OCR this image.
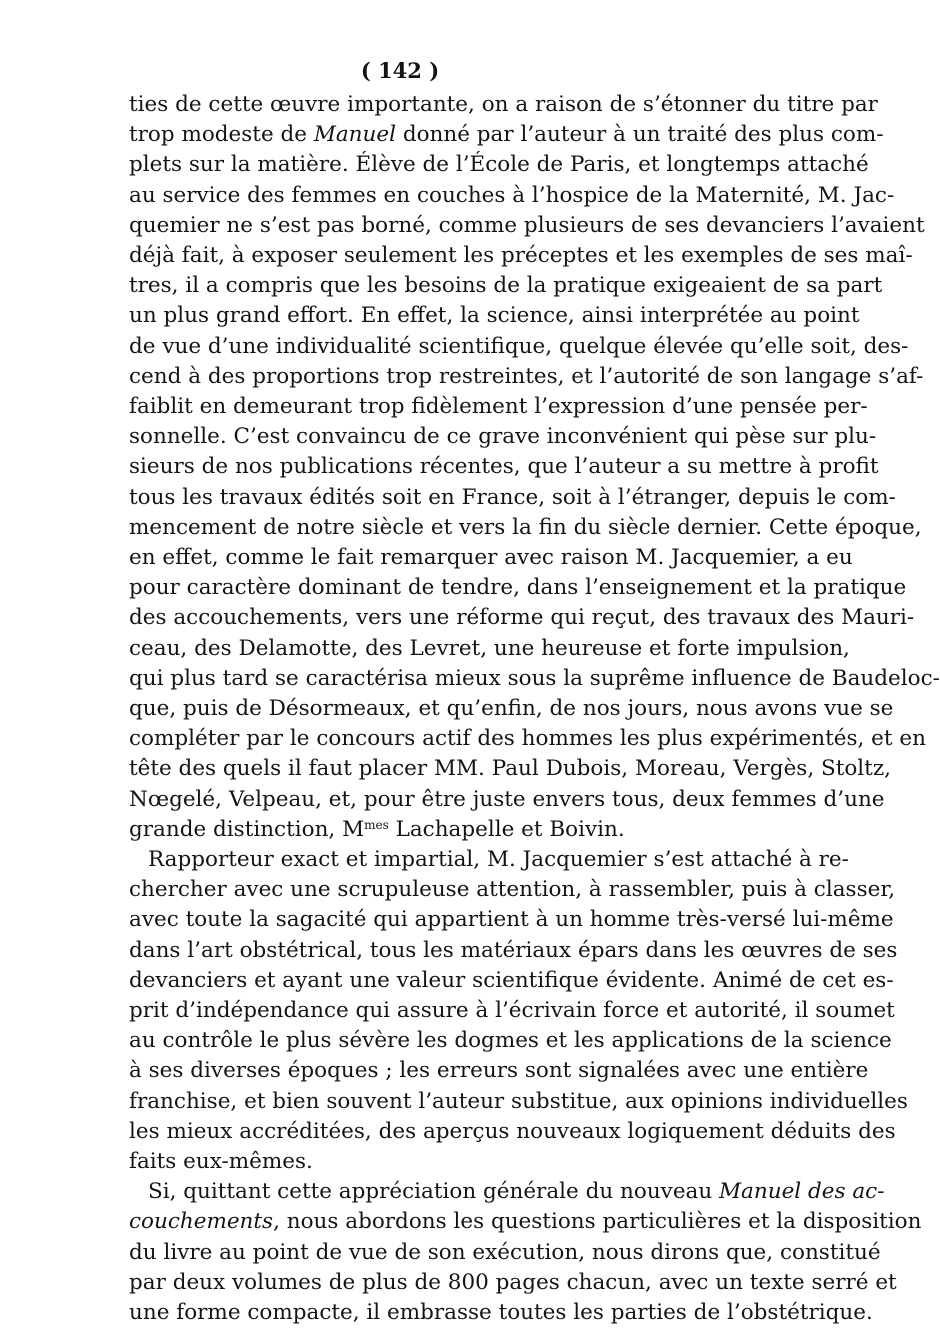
( 142 )
ties de cette œuvre importante, on a raison de s’étonner du titre par
trop modeste de Manuel donné par l’auteur à un traité des plus com-
plets sur la matière. Élève de l’École de Paris, et longtemps attaché
au service des femmes en couches à l’hospice de la Maternité, M. Jac-
quemier ne s’est pas borné, comme plusieurs de ses devanciers l’avaient
déjà fait, à exposer seulement les préceptes et les exemples de ses maî-
tres, il a compris que les besoins de la pratique exigeaient de sa part
un plus grand effort. En effet, la science, ainsi interprétée au point
de vue d’une individualité scientifique, quelque élevée qu’elle soit, des-
cend à des proportions trop restreintes, et l’autorité de son langage s’af-
faiblit en demeurant trop fidèlement l’expression d’une pensée per-
sonnelle. C’est convaincu de ce grave inconvénient qui pèse sur plu-
sieurs de nos publications récentes, que l’auteur a su mettre à profit
tous les travaux édités soit en France, soit à l’étranger, depuis le com-
mencement de notre siècle et vers la fin du siècle dernier. Cette époque,
en effet, comme le fait remarquer avec raison M. Jacquemier, a eu
pour caractère dominant de tendre, dans l’enseignement et la pratique
des accouchements, vers une réforme qui reçut, des travaux des Mauri-
ceau, des Delamotte, des Levret, une heureuse et forte impulsion,
qui plus tard se caractérisa mieux sous la suprême influence de Baudeloc-
que, puis de Désormeaux, et qu’enfin, de nos jours, nous avons vue se
compléter par le concours actif des hommes les plus expérimentés, et en
tête des quels il faut placer MM. Paul Dubois, Moreau, Vergès, Stoltz,
Nœgelé, Velpeau, et, pour être juste envers tous, deux femmes d’une
grande distinction, $M^{mes}$ Lachapelle et Boivin.
Rapporteur exact et impartial, M. Jacquemier s’est attaché à re-
chercher avec une scrupuleuse attention, à rassembler, puis à classer,
avec toute la sagacité qui appartient à un homme très-versé lui-même
dans l’art obstétrical, tous les matériaux épars dans les œuvres de ses
devanciers et ayant une valeur scientifique évidente. Animé de cet es-
prit d’indépendance qui assure à l’écrivain force et autorité, il soumet
au contrôle le plus sévère les dogmes et les applications de la science
à ses diverses époques ; les erreurs sont signalées avec une entière
franchise, et bien souvent l’auteur substitue, aux opinions individuelles
les mieux accréditées, des aperçus nouveaux logiquement déduits des
faits eux-mêmes.
Si, quittant cette appréciation générale du nouveau Manuel des ac-
couchements, nous abordons les questions particulières et la disposition
du livre au point de vue de son exécution, nous dirons que, constitué
par deux volumes de plus de 800 pages chacun, avec un texte serré et
une forme compacte, il embrasse toutes les parties de l’obstétrique.
